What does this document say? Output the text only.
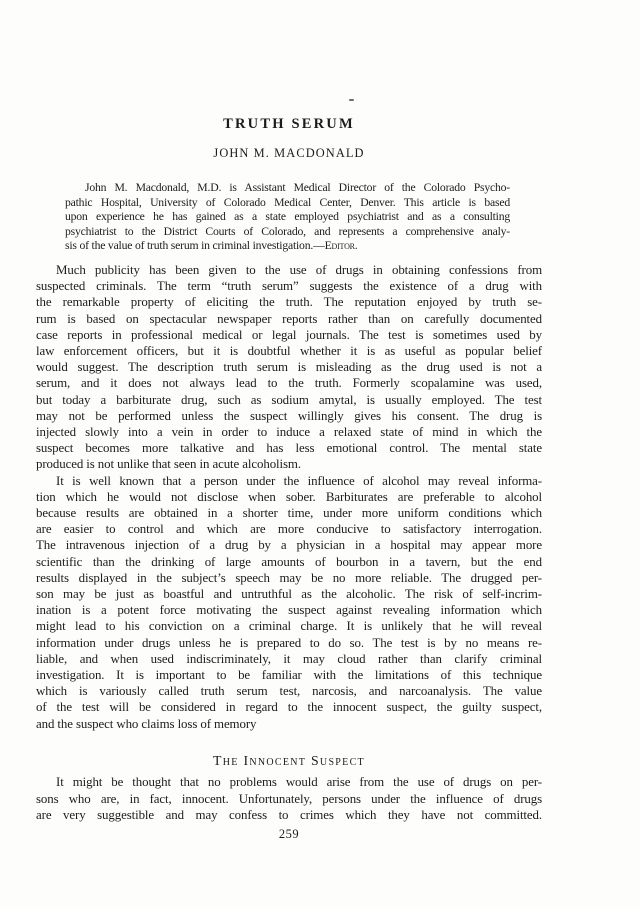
TRUTH SERUM
JOHN M. MACDONALD
John M. Macdonald, M.D. is Assistant Medical Director of the Colorado Psycho-
pathic Hospital, University of Colorado Medical Center, Denver. This article is based
upon experience he has gained as a state employed psychiatrist and as a consulting
psychiatrist to the District Courts of Colorado, and represents a comprehensive analy-
sis of the value of truth serum in criminal investigation.—Editor.
Much publicity has been given to the use of drugs in obtaining confessions from
suspected criminals. The term “truth serum” suggests the existence of a drug with
the remarkable property of eliciting the truth. The reputation enjoyed by truth se-
rum is based on spectacular newspaper reports rather than on carefully documented
case reports in professional medical or legal journals. The test is sometimes used by
law enforcement officers, but it is doubtful whether it is as useful as popular belief
would suggest. The description truth serum is misleading as the drug used is not a
serum, and it does not always lead to the truth. Formerly scopalamine was used,
but today a barbiturate drug, such as sodium amytal, is usually employed. The test
may not be performed unless the suspect willingly gives his consent. The drug is
injected slowly into a vein in order to induce a relaxed state of mind in which the
suspect becomes more talkative and has less emotional control. The mental state
produced is not unlike that seen in acute alcoholism.
It is well known that a person under the influence of alcohol may reveal informa-
tion which he would not disclose when sober. Barbiturates are preferable to alcohol
because results are obtained in a shorter time, under more uniform conditions which
are easier to control and which are more conducive to satisfactory interrogation.
The intravenous injection of a drug by a physician in a hospital may appear more
scientific than the drinking of large amounts of bourbon in a tavern, but the end
results displayed in the subject’s speech may be no more reliable. The drugged per-
son may be just as boastful and untruthful as the alcoholic. The risk of self-incrim-
ination is a potent force motivating the suspect against revealing information which
might lead to his conviction on a criminal charge. It is unlikely that he will reveal
information under drugs unless he is prepared to do so. The test is by no means re-
liable, and when used indiscriminately, it may cloud rather than clarify criminal
investigation. It is important to be familiar with the limitations of this technique
which is variously called truth serum test, narcosis, and narcoanalysis. The value
of the test will be considered in regard to the innocent suspect, the guilty suspect,
and the suspect who claims loss of memory
The Innocent Suspect
It might be thought that no problems would arise from the use of drugs on per-
sons who are, in fact, innocent. Unfortunately, persons under the influence of drugs
are very suggestible and may confess to crimes which they have not committed.
259
